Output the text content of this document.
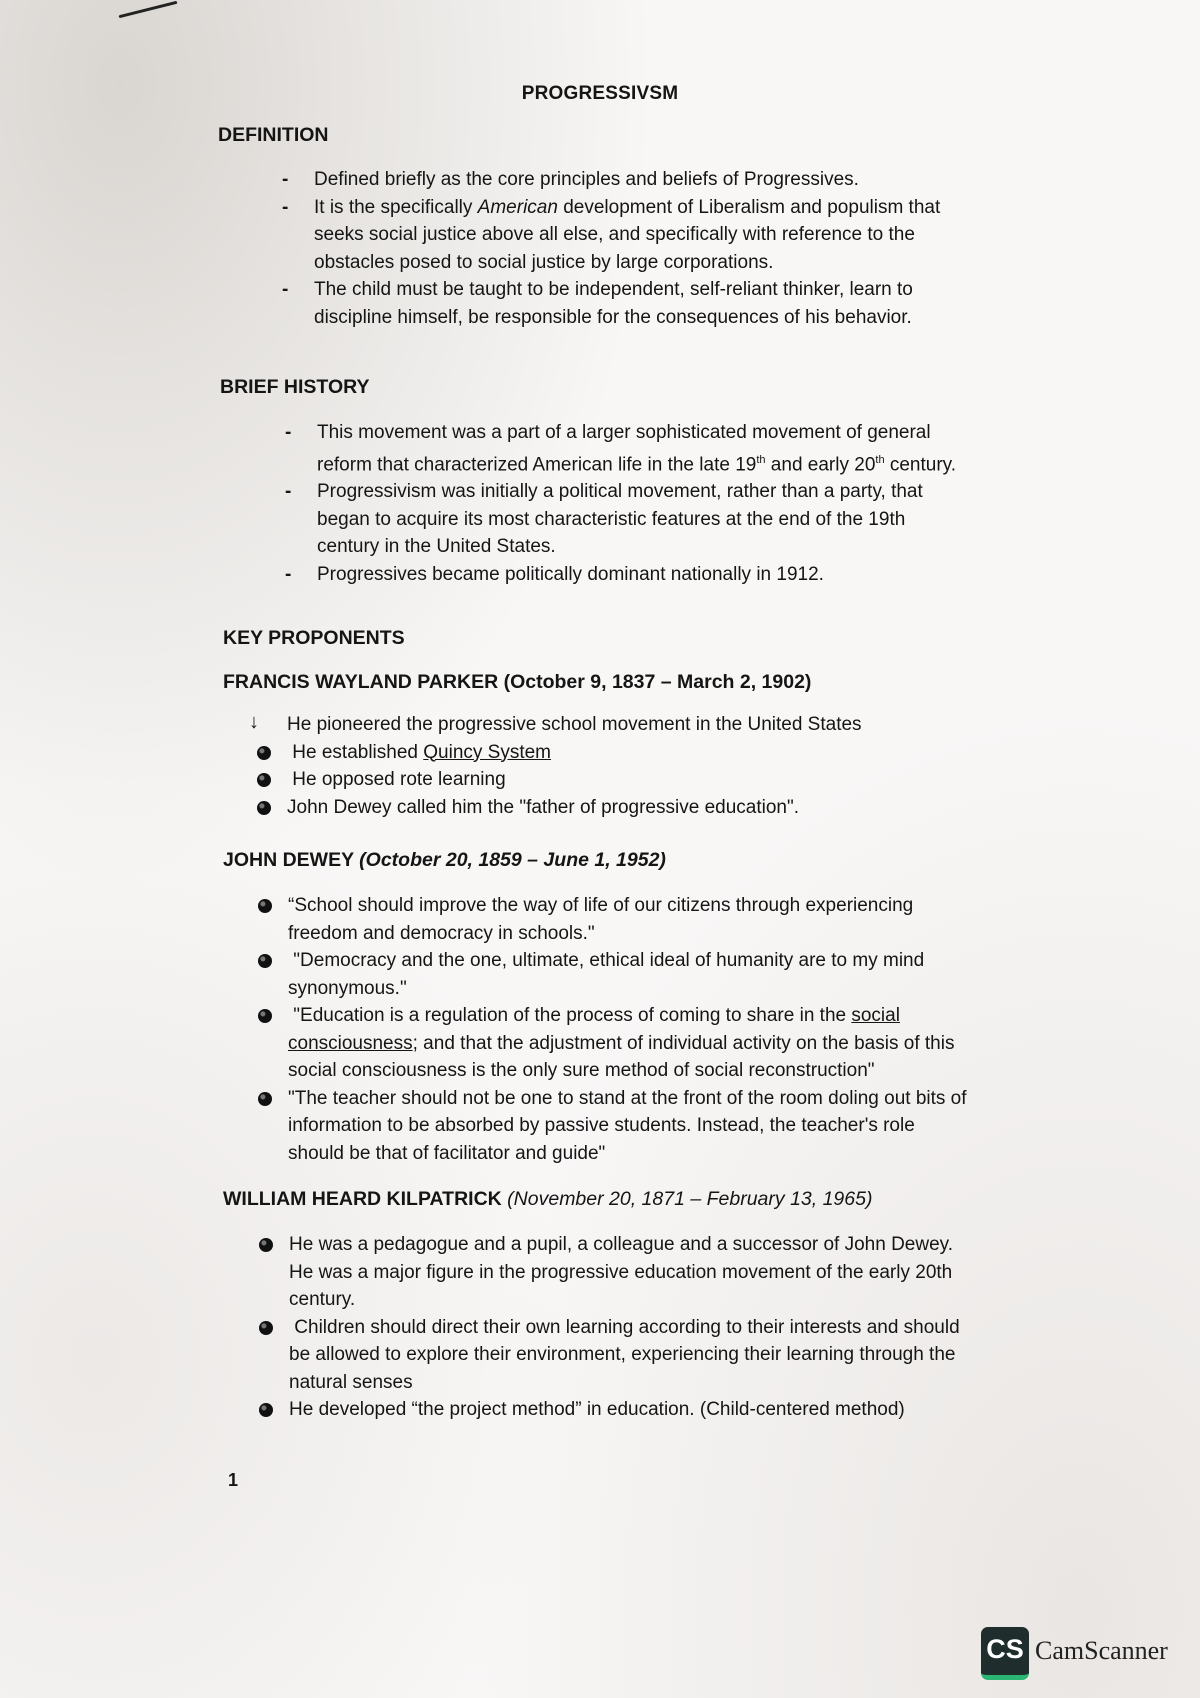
PROGRESSIVSM
DEFINITION
-	Defined briefly as the core principles and beliefs of Progressives.
-	It is the specifically American development of Liberalism and populism that
seeks social justice above all else, and specifically with reference to the
obstacles posed to social justice by large corporations.
-	The child must be taught to be independent, self-reliant thinker, learn to
discipline himself, be responsible for the consequences of his behavior.
BRIEF HISTORY
-	This movement was a part of a larger sophisticated movement of general
reform that characterized American life in the late 19th and early 20th century.
-	Progressivism was initially a political movement, rather than a party, that
began to acquire its most characteristic features at the end of the 19th
century in the United States.
-	Progressives became politically dominant nationally in 1912.
KEY PROPONENTS
FRANCIS WAYLAND PARKER (October 9, 1837 – March 2, 1902)
↓ He pioneered the progressive school movement in the United States
He established Quincy System
He opposed rote learning
John Dewey called him the "father of progressive education".
JOHN DEWEY (October 20, 1859 – June 1, 1952)
“School should improve the way of life of our citizens through experiencing
freedom and democracy in schools."
"Democracy and the one, ultimate, ethical ideal of humanity are to my mind
synonymous."
"Education is a regulation of the process of coming to share in the social
consciousness; and that the adjustment of individual activity on the basis of this
social consciousness is the only sure method of social reconstruction"
"The teacher should not be one to stand at the front of the room doling out bits of
information to be absorbed by passive students. Instead, the teacher's role
should be that of facilitator and guide"
WILLIAM HEARD KILPATRICK (November 20, 1871 – February 13, 1965)
He was a pedagogue and a pupil, a colleague and a successor of John Dewey.
He was a major figure in the progressive education movement of the early 20th
century.
Children should direct their own learning according to their interests and should
be allowed to explore their environment, experiencing their learning through the
natural senses
He developed “the project method” in education. (Child-centered method)
1
CS CamScanner
